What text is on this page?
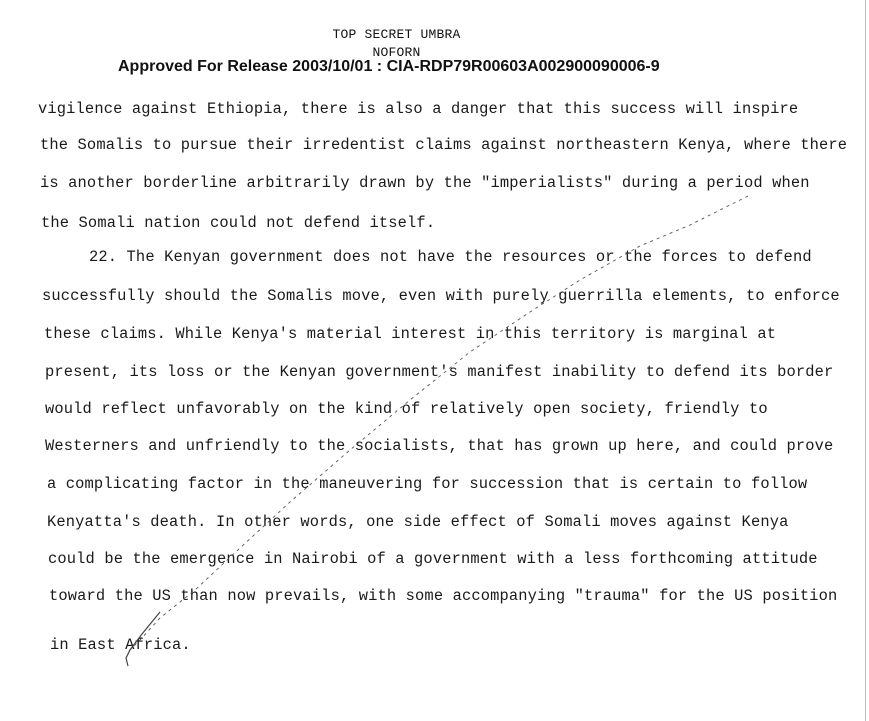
TOP SECRET UMBRA
NOFORN
Approved For Release 2003/10/01 : CIA-RDP79R00603A002900090006-9
vigilence against Ethiopia, there is also a danger that this success will inspire
the Somalis to pursue their irredentist claims against northeastern Kenya, where there
is another borderline arbitrarily drawn by the "imperialists" during a period when
the Somali nation could not defend itself.
22. The Kenyan government does not have the resources or the forces to defend
successfully should the Somalis move, even with purely guerrilla elements, to enforce
these claims. While Kenya's material interest in this territory is marginal at
present, its loss or the Kenyan government's manifest inability to defend its border
would reflect unfavorably on the kind of relatively open society, friendly to
Westerners and unfriendly to the socialists, that has grown up here, and could prove
a complicating factor in the maneuvering for succession that is certain to follow
Kenyatta's death. In other words, one side effect of Somali moves against Kenya
could be the emergence in Nairobi of a government with a less forthcoming attitude
toward the US than now prevails, with some accompanying "trauma" for the US position
in East Africa.
